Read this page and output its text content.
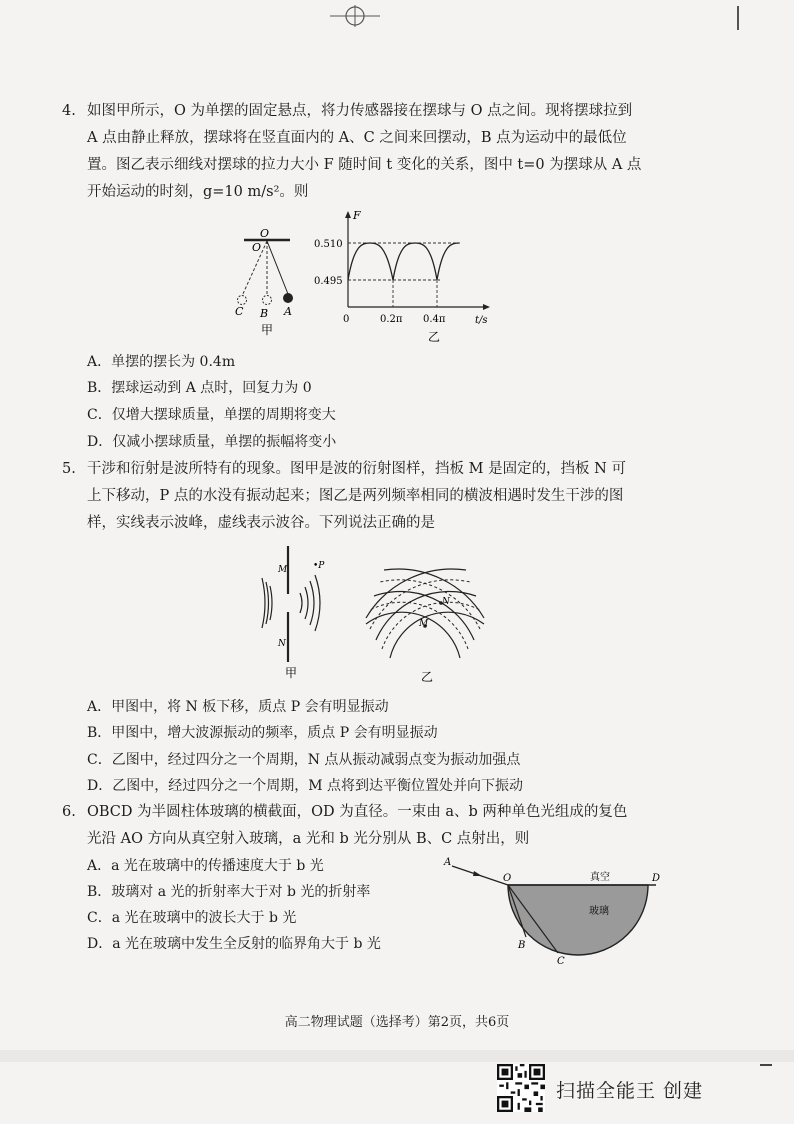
4. 如图甲所示，O 为单摆的固定悬点，将力传感器接在摆球与 O 点之间。现将摆球拉到
A 点由静止释放，摆球将在竖直面内的 A、C 之间来回摆动，B 点为运动中的最低位
置。图乙表示细线对摆球的拉力大小 F 随时间 t 变化的关系，图中 t=0 为摆球从 A 点
开始运动的时刻，g=10 m/s²。则
O
O
C B A
甲
F
t/s
0
0.510
0.495
0.2π 0.4π
乙
A．单摆的摆长为 0.4m
B．摆球运动到 A 点时，回复力为 0
C．仅增大摆球质量，单摆的周期将变大
D．仅减小摆球质量，单摆的振幅将变小
5. 干涉和衍射是波所特有的现象。图甲是波的衍射图样，挡板 M 是固定的，挡板 N 可
上下移动，P 点的水没有振动起来；图乙是两列频率相同的横波相遇时发生干涉的图
样，实线表示波峰，虚线表示波谷。下列说法正确的是
M
N
•P
甲
N
M
乙
A．甲图中，将 N 板下移，质点 P 会有明显振动
B．甲图中，增大波源振动的频率，质点 P 会有明显振动
C．乙图中，经过四分之一个周期，N 点从振动减弱点变为振动加强点
D．乙图中，经过四分之一个周期，M 点将到达平衡位置处并向下振动
6. OBCD 为半圆柱体玻璃的横截面，OD 为直径。一束由 a、b 两种单色光组成的复色
光沿 AO 方向从真空射入玻璃，a 光和 b 光分别从 B、C 点射出，则
A．a 光在玻璃中的传播速度大于 b 光
B．玻璃对 a 光的折射率大于对 b 光的折射率
C．a 光在玻璃中的波长大于 b 光
D．a 光在玻璃中发生全反射的临界角大于 b 光
A
O	D
B
C
真空
玻璃
高二物理试题（选择考）第2页，共6页
扫描全能王 创建
